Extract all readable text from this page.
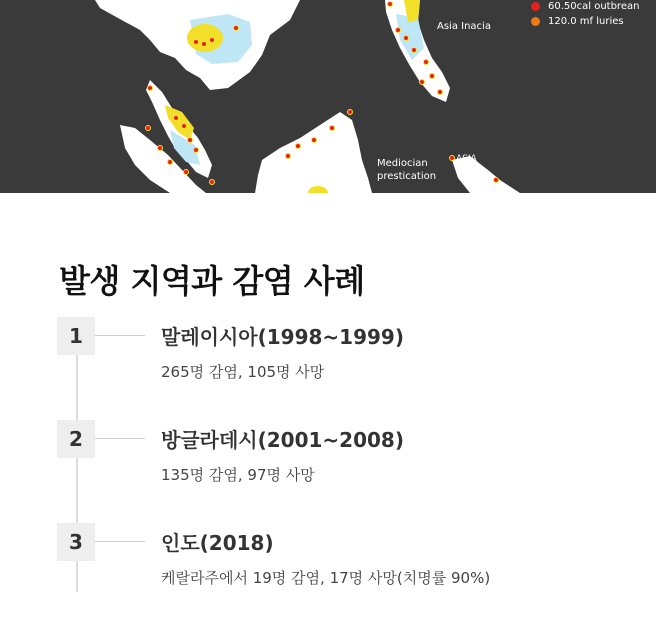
Asia Inacia
Mediocian
prestication
ASIA
60.50cal outbrean
120.0 mf luries
발생 지역과 감염 사례
1	말레이시아(1998~1999)
265명 감염, 105명 사망
2	방글라데시(2001~2008)
135명 감염, 97명 사망
3	인도(2018)
케랄라주에서 19명 감염, 17명 사망(치명률 90%)
